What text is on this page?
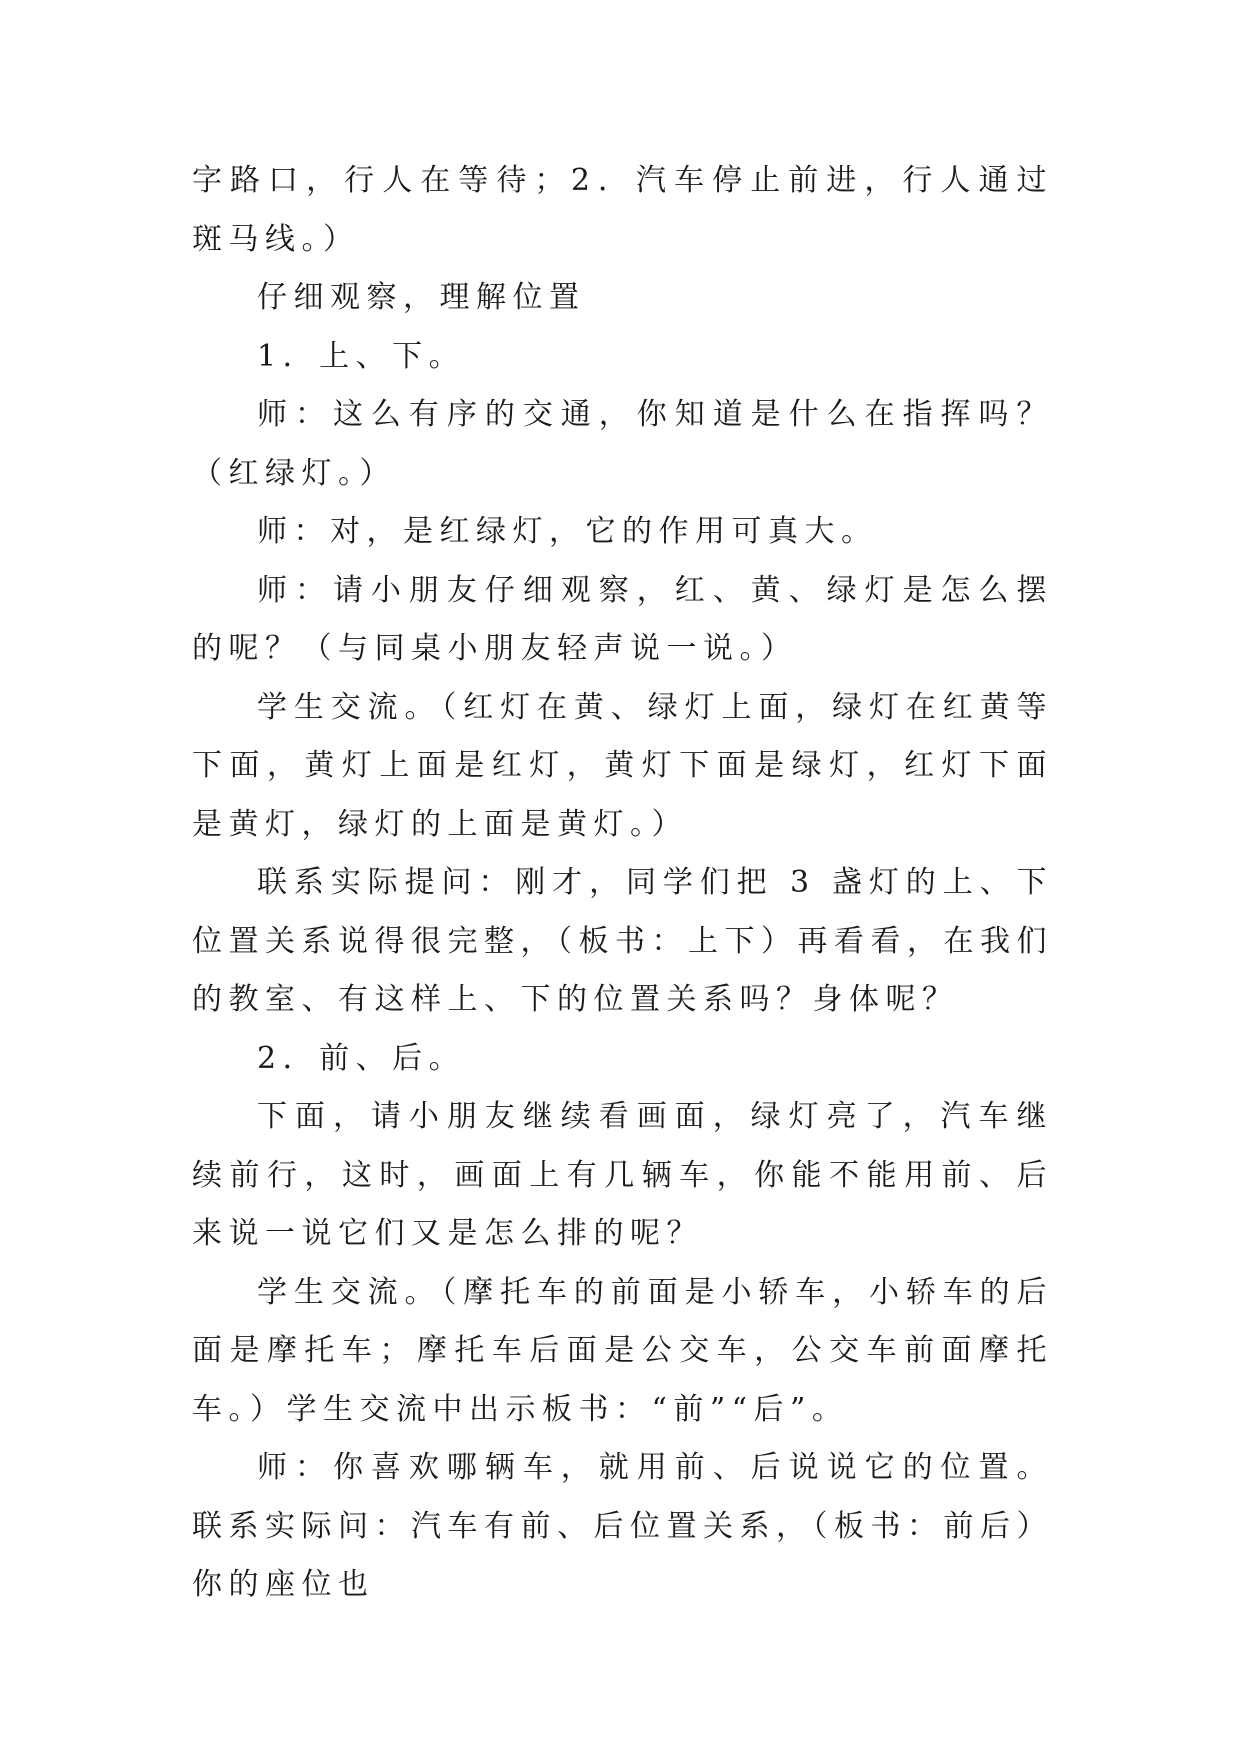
字路口，行人在等待；2．汽车停止前进，行人通过斑马线。）

仔细观察，理解位置

1．上、下。

师：这么有序的交通，你知道是什么在指挥吗？（红绿灯。）

师：对，是红绿灯，它的作用可真大。

师：请小朋友仔细观察，红、黄、绿灯是怎么摆的呢？（与同桌小朋友轻声说一说。）

学生交流。（红灯在黄、绿灯上面，绿灯在红黄等下面，黄灯上面是红灯，黄灯下面是绿灯，红灯下面是黄灯，绿灯的上面是黄灯。）

联系实际提问：刚才，同学们把 3 盏灯的上、下位置关系说得很完整，（板书：上下）再看看，在我们的教室、有这样上、下的位置关系吗？身体呢？

2．前、后。

下面，请小朋友继续看画面，绿灯亮了，汽车继续前行，这时，画面上有几辆车，你能不能用前、后来说一说它们又是怎么排的呢？

学生交流。（摩托车的前面是小轿车，小轿车的后面是摩托车；摩托车后面是公交车，公交车前面摩托车。）学生交流中出示板书：“前”“后”。

师：你喜欢哪辆车，就用前、后说说它的位置。联系实际问：汽车有前、后位置关系，（板书：前后）你的座位也
